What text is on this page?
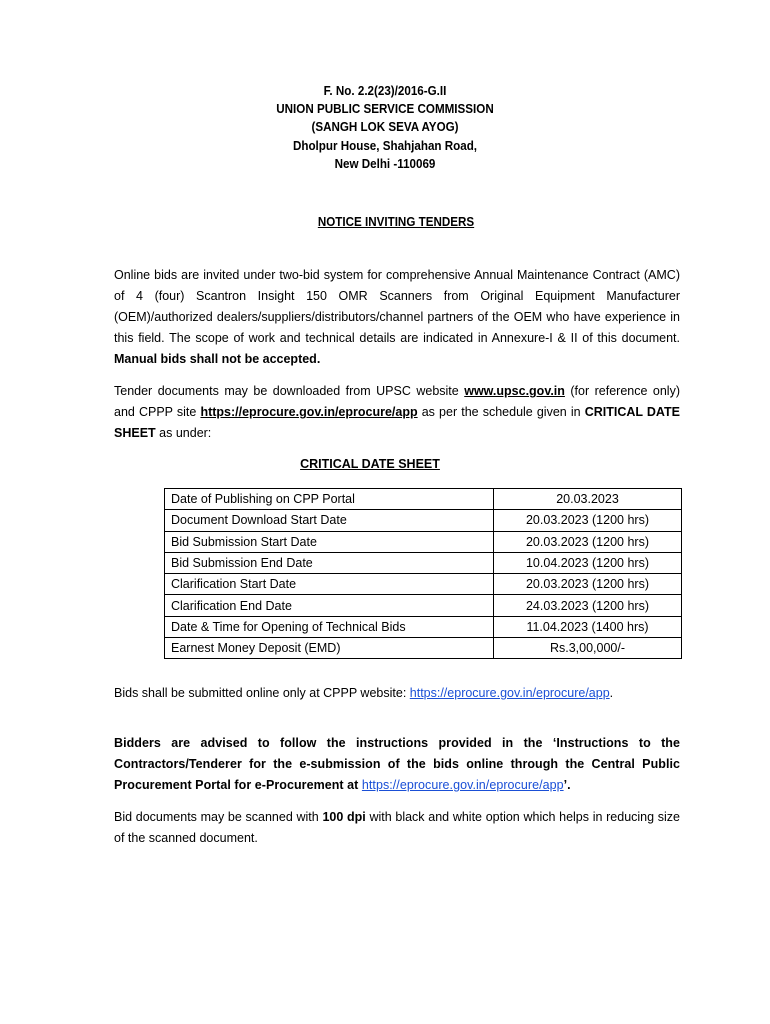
F. No. 2.2(23)/2016-G.II
UNION PUBLIC SERVICE COMMISSION
(SANGH LOK SEVA AYOG)
Dholpur House, Shahjahan Road,
New Delhi -110069
NOTICE INVITING TENDERS
Online bids are invited under two-bid system for comprehensive Annual Maintenance Contract (AMC) of 4 (four) Scantron Insight 150 OMR Scanners from Original Equipment Manufacturer (OEM)/authorized dealers/suppliers/distributors/channel partners of the OEM who have experience in this field. The scope of work and technical details are indicated in Annexure-I & II of this document. Manual bids shall not be accepted.
Tender documents may be downloaded from UPSC website www.upsc.gov.in (for reference only) and CPPP site https://eprocure.gov.in/eprocure/app as per the schedule given in CRITICAL DATE SHEET as under:
CRITICAL DATE SHEET
Date of Publishing on CPP Portal	20.03.2023
Document Download Start Date	20.03.2023 (1200 hrs)
Bid Submission Start Date	20.03.2023 (1200 hrs)
Bid Submission End Date	10.04.2023 (1200 hrs)
Clarification Start Date	20.03.2023 (1200 hrs)
Clarification End Date	24.03.2023 (1200 hrs)
Date & Time for Opening of Technical Bids	11.04.2023 (1400 hrs)
Earnest Money Deposit (EMD)	Rs.3,00,000/-
Bids shall be submitted online only at CPPP website: https://eprocure.gov.in/eprocure/app.
Bidders are advised to follow the instructions provided in the ‘Instructions to the Contractors/Tenderer for the e-submission of the bids online through the Central Public Procurement Portal for e-Procurement at https://eprocure.gov.in/eprocure/app’.
Bid documents may be scanned with 100 dpi with black and white option which helps in reducing size of the scanned document.
